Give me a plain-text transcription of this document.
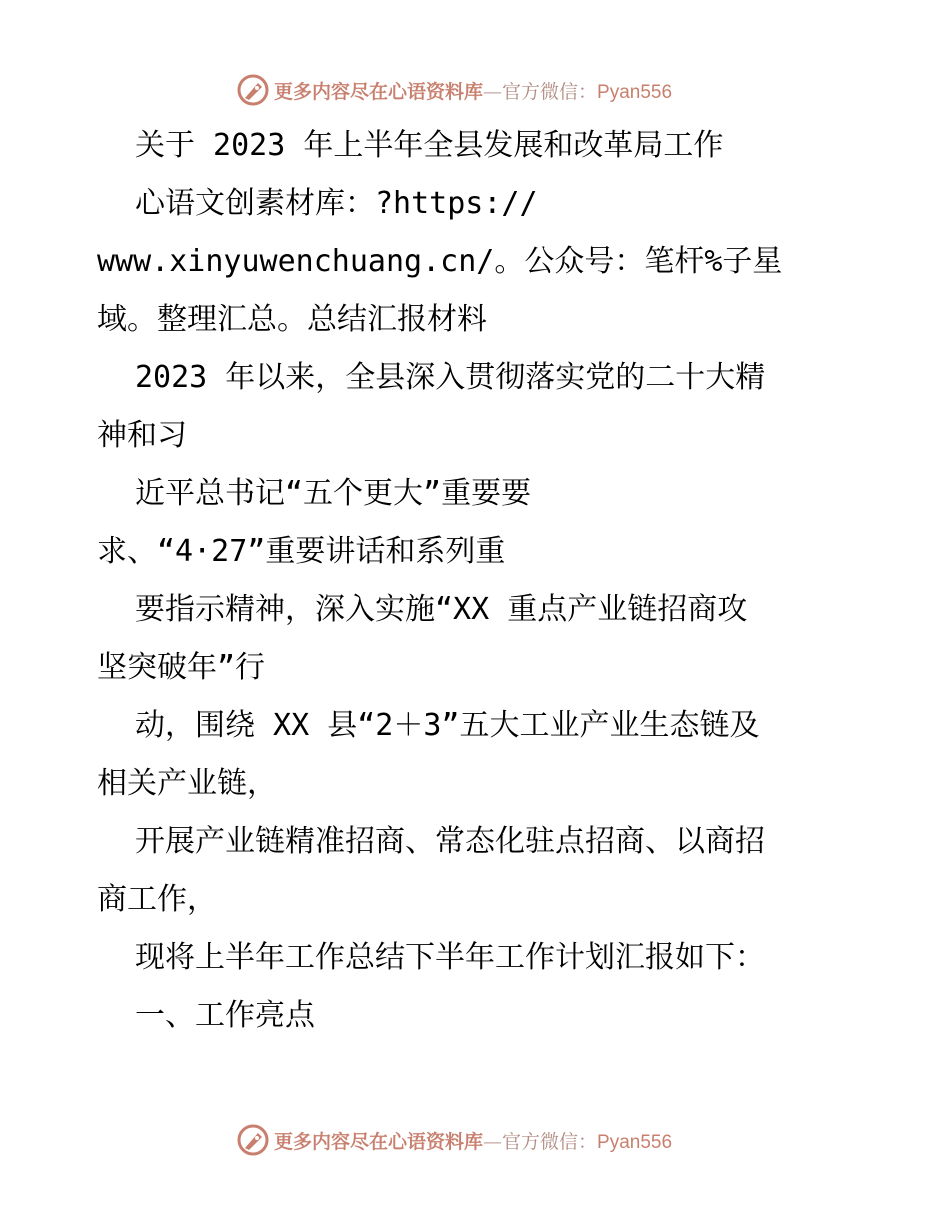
更多内容尽在心语资料库—官方微信：Pyan556
关于 2023 年上半年全县发展和改革局工作
心语文创素材库：?https://
www.xinyuwenchuang.cn/。公众号：笔杆%子星
域。整理汇总。总结汇报材料
2023 年以来，全县深入贯彻落实党的二十大精
神和习
近平总书记“五个更大”重要要
求、“4·27”重要讲话和系列重
要指示精神，深入实施“XX 重点产业链招商攻
坚突破年”行
动，围绕 XX 县“2＋3”五大工业产业生态链及
相关产业链，
开展产业链精准招商、常态化驻点招商、以商招
商工作，
现将上半年工作总结下半年工作计划汇报如下：
一、工作亮点
更多内容尽在心语资料库—官方微信：Pyan556
